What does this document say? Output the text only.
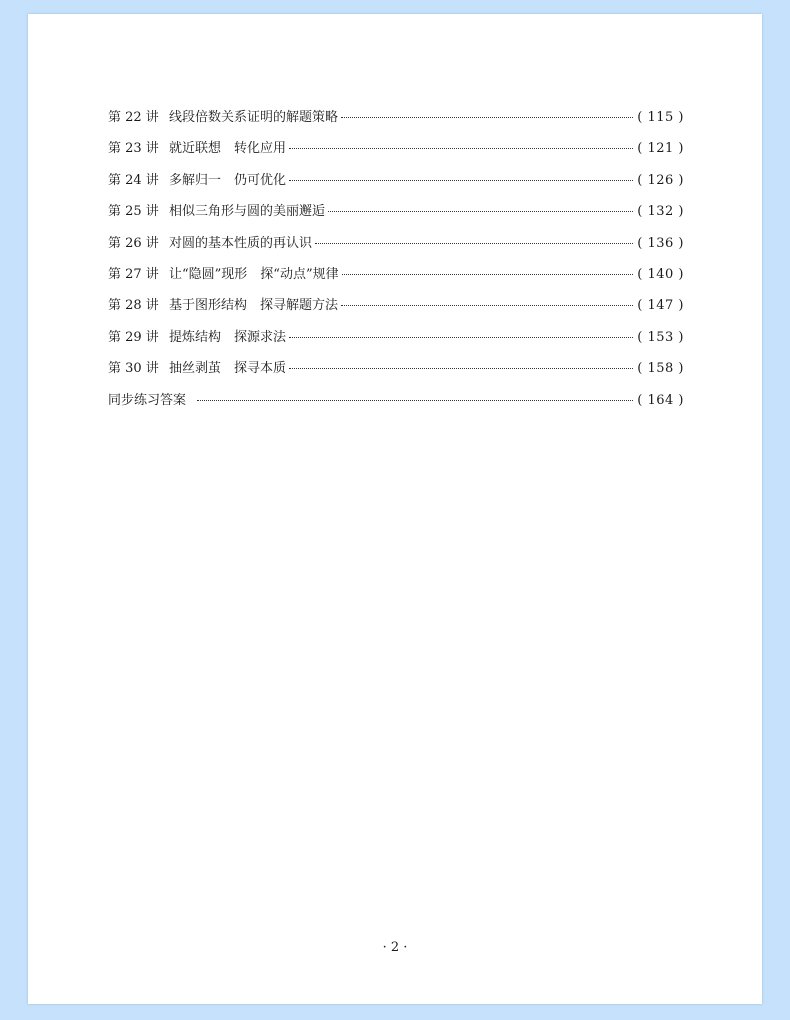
第 22 讲 线段倍数关系证明的解题策略	( 115 )
第 23 讲 就近联想　转化应用	( 121 )
第 24 讲 多解归一　仍可优化	( 126 )
第 25 讲 相似三角形与圆的美丽邂逅	( 132 )
第 26 讲 对圆的基本性质的再认识	( 136 )
第 27 讲 让“隐圆”现形　探“动点”规律	( 140 )
第 28 讲 基于图形结构　探寻解题方法	( 147 )
第 29 讲 提炼结构　探源求法	( 153 )
第 30 讲 抽丝剥茧　探寻本质	( 158 )
同步练习答案	( 164 )
· 2 ·
